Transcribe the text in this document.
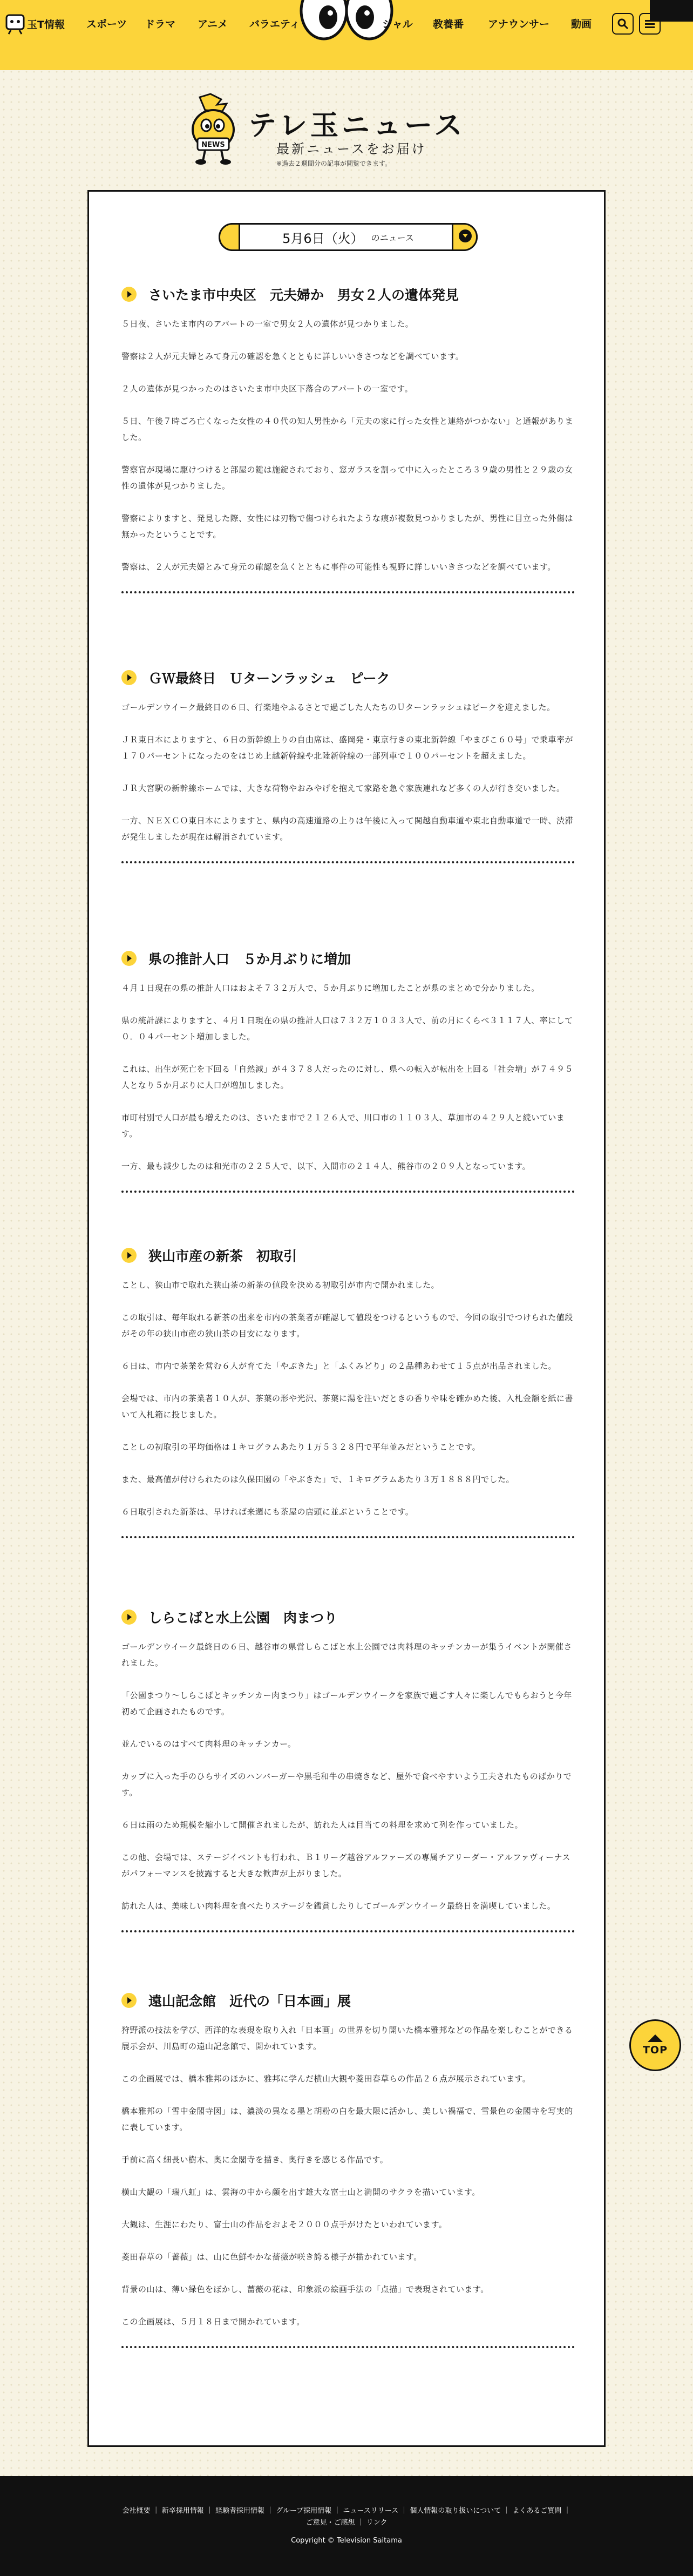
玉T情報 スポーツ ドラマ アニメ バラエティ	シャル 教養番 アナウンサー 動画
NEWS
テレ玉ニュース
最新ニュースをお届け
※過去２週間分の記事が閲覧できます。
5月6日（火） のニュース
さいたま市中央区　元夫婦か　男女２人の遺体発見

５日夜、さいたま市内のアパートの一室で男女２人の遺体が見つかりました。

警察は２人が元夫婦とみて身元の確認を急くとともに詳しいいきさつなどを調べています。

２人の遺体が見つかったのはさいたま市中央区下落合のアパートの一室です。

５日、午後７時ごろ亡くなった女性の４０代の知人男性から「元夫の家に行った女性と連絡がつかない」と通報がありました。

警察官が現場に駆けつけると部屋の鍵は施錠されており、窓ガラスを割って中に入ったところ３９歳の男性と２９歳の女性の遺体が見つかりました。

警察によりますと、発見した際、女性には刃物で傷つけられたような痕が複数見つかりましたが、男性に目立った外傷は無かったということです。

警察は、２人が元夫婦とみて身元の確認を急くとともに事件の可能性も視野に詳しいいきさつなどを調べています。

ＧＷ最終日　Ｕターンラッシュ　ピーク

ゴールデンウイーク最終日の６日、行楽地やふるさとで過ごした人たちのＵターンラッシュはピークを迎えました。

ＪＲ東日本によりますと、６日の新幹線上りの自由席は、盛岡発・東京行きの東北新幹線「やまびこ６０号」で乗車率が１７０パーセントになったのをはじめ上越新幹線や北陸新幹線の一部列車で１００パーセントを超えました。

ＪＲ大宮駅の新幹線ホームでは、大きな荷物やおみやげを抱えて家路を急ぐ家族連れなど多くの人が行き交いました。

一方、ＮＥＸＣＯ東日本によりますと、県内の高速道路の上りは午後に入って関越自動車道や東北自動車道で一時、渋滞が発生しましたが現在は解消されています。

県の推計人口　５か月ぶりに増加

４月１日現在の県の推計人口はおよそ７３２万人で、５か月ぶりに増加したことが県のまとめで分かりました。

県の統計課によりますと、４月１日現在の県の推計人口は７３２万１０３３人で、前の月にくらべ３１１７人、率にして０．０４パーセント増加しました。

これは、出生が死亡を下回る「自然減」が４３７８人だったのに対し、県への転入が転出を上回る「社会増」が７４９５人となり５か月ぶりに人口が増加しました。

市町村別で人口が最も増えたのは、さいたま市で２１２６人で、川口市の１１０３人、草加市の４２９人と続いています。

一方、最も減少したのは和光市の２２５人で、以下、入間市の２１４人、熊谷市の２０９人となっています。

狭山市産の新茶　初取引

ことし、狭山市で取れた狭山茶の新茶の値段を決める初取引が市内で開かれました。

この取引は、毎年取れる新茶の出来を市内の茶業者が確認して値段をつけるというもので、今回の取引でつけられた値段がその年の狭山市産の狭山茶の目安になります。

６日は、市内で茶業を営む６人が育てた「やぶきた」と「ふくみどり」の２品種あわせて１５点が出品されました。

会場では、市内の茶業者１０人が、茶葉の形や光沢、茶葉に湯を注いだときの香りや味を確かめた後、入札金額を紙に書いて入札箱に投じました。

ことしの初取引の平均価格は１キログラムあたり１万５３２８円で平年並みだということです。

また、最高値が付けられたのは久保田園の「やぶきた」で、１キログラムあたり３万１８８８円でした。

６日取引された新茶は、早ければ来週にも茶屋の店頭に並ぶということです。

しらこばと水上公園　肉まつり

ゴールデンウイーク最終日の６日、越谷市の県営しらこばと水上公園では肉料理のキッチンカーが集うイベントが開催されました。

「公園まつり〜しらこばとキッチンカー肉まつり」はゴールデンウイークを家族で過ごす人々に楽しんでもらおうと今年初めて企画されたものです。

並んでいるのはすべて肉料理のキッチンカー。

カップに入った手のひらサイズのハンバーガーや黒毛和牛の串焼きなど、屋外で食べやすいよう工夫されたものばかりです。

６日は雨のため規模を縮小して開催されましたが、訪れた人は目当ての料理を求めて列を作っていました。

この他、会場では、ステージイベントも行われ、Ｂ１リーグ越谷アルファーズの専属チアリーダー・アルファヴィーナスがパフォーマンスを披露すると大きな歓声が上がりました。

訪れた人は、美味しい肉料理を食べたりステージを鑑賞したりしてゴールデンウイーク最終日を満喫していました。

遠山記念館　近代の「日本画」展

狩野派の技法を学び、西洋的な表現を取り入れ「日本画」の世界を切り開いた橋本雅邦などの作品を楽しむことができる展示会が、川島町の遠山記念館で、開かれています。

この企画展では、橋本雅邦のほかに、雅邦に学んだ横山大観や菱田春草らの作品２６点が展示されています。

橋本雅邦の「雪中金閣寺図」は、濃淡の異なる墨と胡粉の白を最大限に活かし、美しい禍福で、雪景色の金閣寺を写実的に表しています。

手前に高く細長い樹木、奥に金閣寺を描き、奥行きを感じる作品です。

横山大観の「瑞八虹」は、雲海の中から顔を出す雄大な富士山と満開のサクラを描いています。

大観は、生涯にわたり、富士山の作品をおよそ２０００点手がけたといわれています。

菱田春草の「薔薇」は、山に色鮮やかな薔薇が咲き誇る様子が描かれています。

背景の山は、薄い緑色をぼかし、薔薇の花は、印象派の絵画手法の「点描」で表現されています。

この企画展は、５月１８日まで開かれています。

TOP
会社概要 ｜ 新卒採用情報 ｜ 経験者採用情報 ｜ グループ採用情報 ｜ ニュースリリース ｜ 個人情報の取り扱いについて ｜ よくあるご質問 ｜
ご意見・ご感想 ｜ リンク
Copyright © Television Saitama
